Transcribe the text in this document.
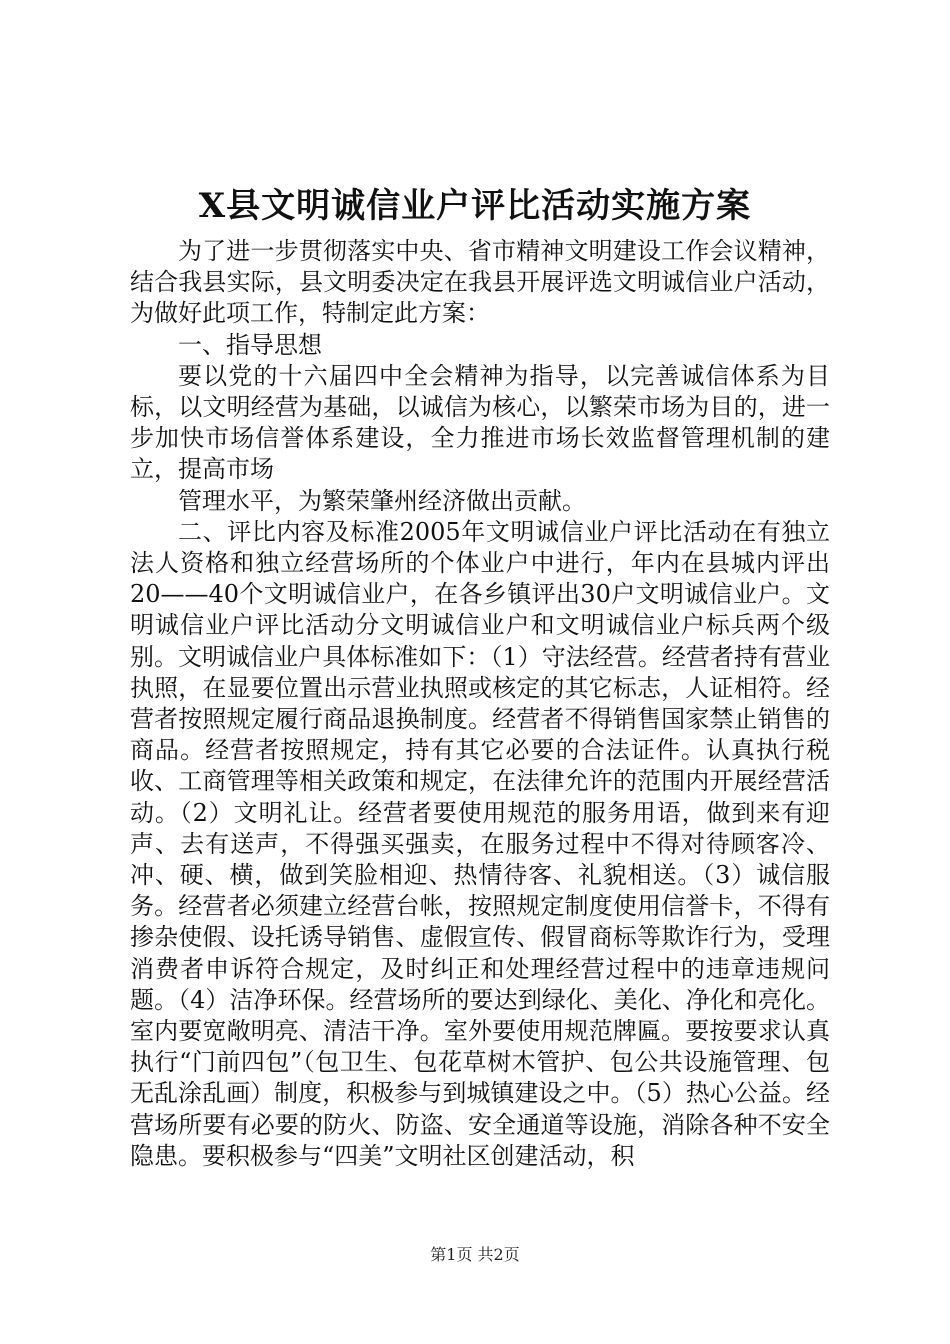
X县文明诚信业户评比活动实施方案

为了进一步贯彻落实中央、省市精神文明建设工作会议精神，结合我县实际，县文明委决定在我县开展评选文明诚信业户活动，为做好此项工作，特制定此方案：

一、指导思想

要以党的十六届四中全会精神为指导，以完善诚信体系为目标，以文明经营为基础，以诚信为核心，以繁荣市场为目的，进一步加快市场信誉体系建设，全力推进市场长效监督管理机制的建立，提高市场

管理水平，为繁荣肇州经济做出贡献。

二、评比内容及标准2005年文明诚信业户评比活动在有独立法人资格和独立经营场所的个体业户中进行，年内在县城内评出20——40个文明诚信业户，在各乡镇评出30户文明诚信业户。文明诚信业户评比活动分文明诚信业户和文明诚信业户标兵两个级别。文明诚信业户具体标准如下：（1）守法经营。经营者持有营业执照，在显要位置出示营业执照或核定的其它标志，人证相符。经营者按照规定履行商品退换制度。经营者不得销售国家禁止销售的商品。经营者按照规定，持有其它必要的合法证件。认真执行税收、工商管理等相关政策和规定，在法律允许的范围内开展经营活动。（2）文明礼让。经营者要使用规范的服务用语，做到来有迎声、去有送声，不得强买强卖，在服务过程中不得对待顾客冷、冲、硬、横，做到笑脸相迎、热情待客、礼貌相送。（3）诚信服务。经营者必须建立经营台帐，按照规定制度使用信誉卡，不得有掺杂使假、设托诱导销售、虚假宣传、假冒商标等欺诈行为，受理消费者申诉符合规定，及时纠正和处理经营过程中的违章违规问题。（4）洁净环保。经营场所的要达到绿化、美化、净化和亮化。室内要宽敞明亮、清洁干净。室外要使用规范牌匾。要按要求认真执行“门前四包”（包卫生、包花草树木管护、包公共设施管理、包无乱涂乱画）制度，积极参与到城镇建设之中。（5）热心公益。经营场所要有必要的防火、防盗、安全通道等设施，消除各种不安全隐患。要积极参与“四美”文明社区创建活动，积

第1页 共2页
